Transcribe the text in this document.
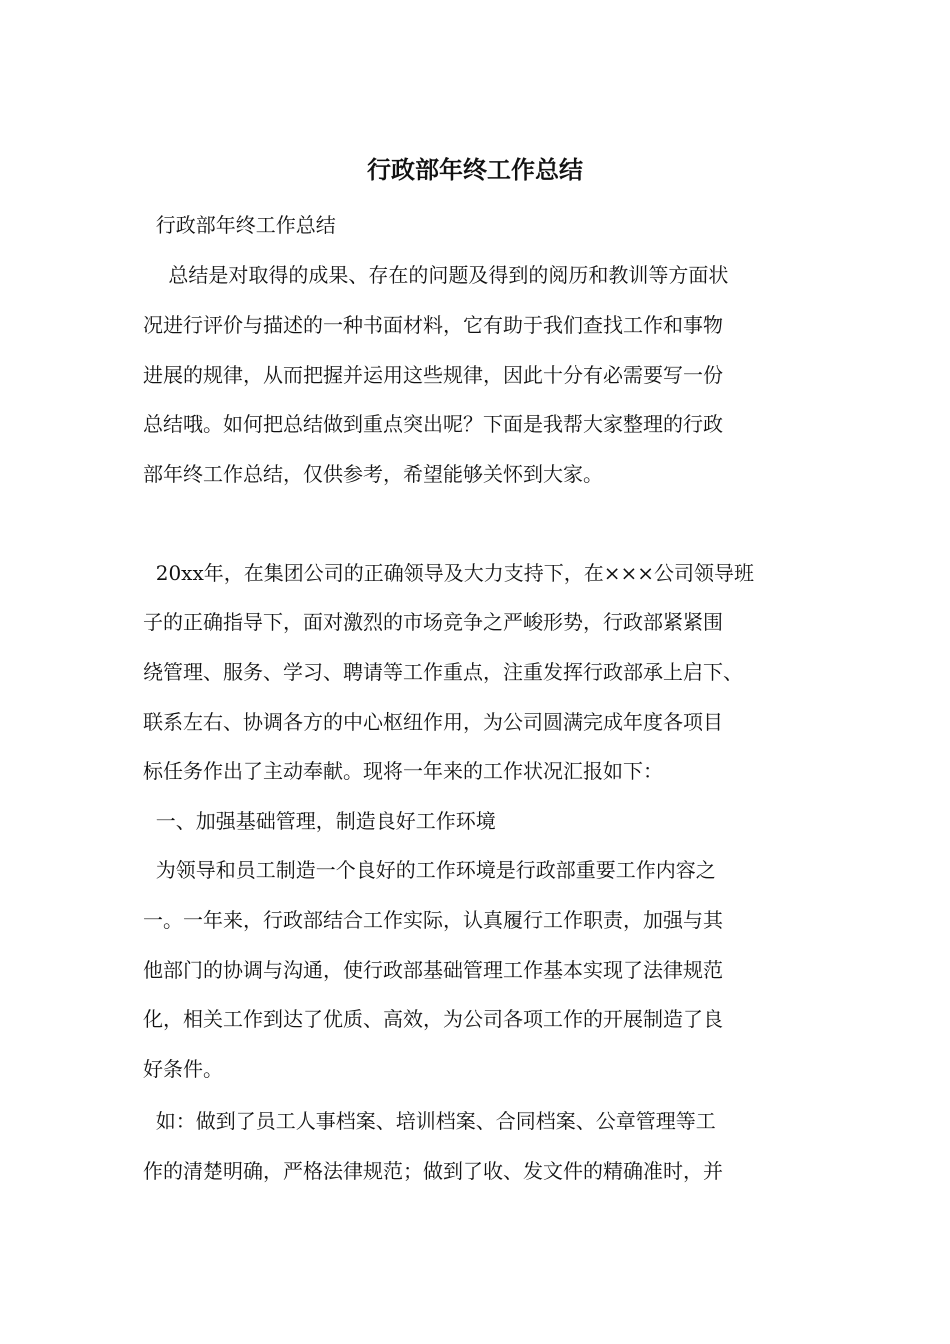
行政部年终工作总结
行政部年终工作总结
总结是对取得的成果、存在的问题及得到的阅历和教训等方面状
况进行评价与描述的一种书面材料，它有助于我们查找工作和事物
进展的规律，从而把握并运用这些规律，因此十分有必需要写一份
总结哦。如何把总结做到重点突出呢？下面是我帮大家整理的行政
部年终工作总结，仅供参考，希望能够关怀到大家。
20xx年，在集团公司的正确领导及大力支持下，在×××公司领导班
子的正确指导下，面对激烈的市场竞争之严峻形势，行政部紧紧围
绕管理、服务、学习、聘请等工作重点，注重发挥行政部承上启下、
联系左右、协调各方的中心枢纽作用，为公司圆满完成年度各项目
标任务作出了主动奉献。现将一年来的工作状况汇报如下：
一、加强基础管理，制造良好工作环境
为领导和员工制造一个良好的工作环境是行政部重要工作内容之
一。一年来，行政部结合工作实际，认真履行工作职责，加强与其
他部门的协调与沟通，使行政部基础管理工作基本实现了法律规范
化，相关工作到达了优质、高效，为公司各项工作的开展制造了良
好条件。
如：做到了员工人事档案、培训档案、合同档案、公章管理等工
作的清楚明确，严格法律规范；做到了收、发文件的精确准时，并
